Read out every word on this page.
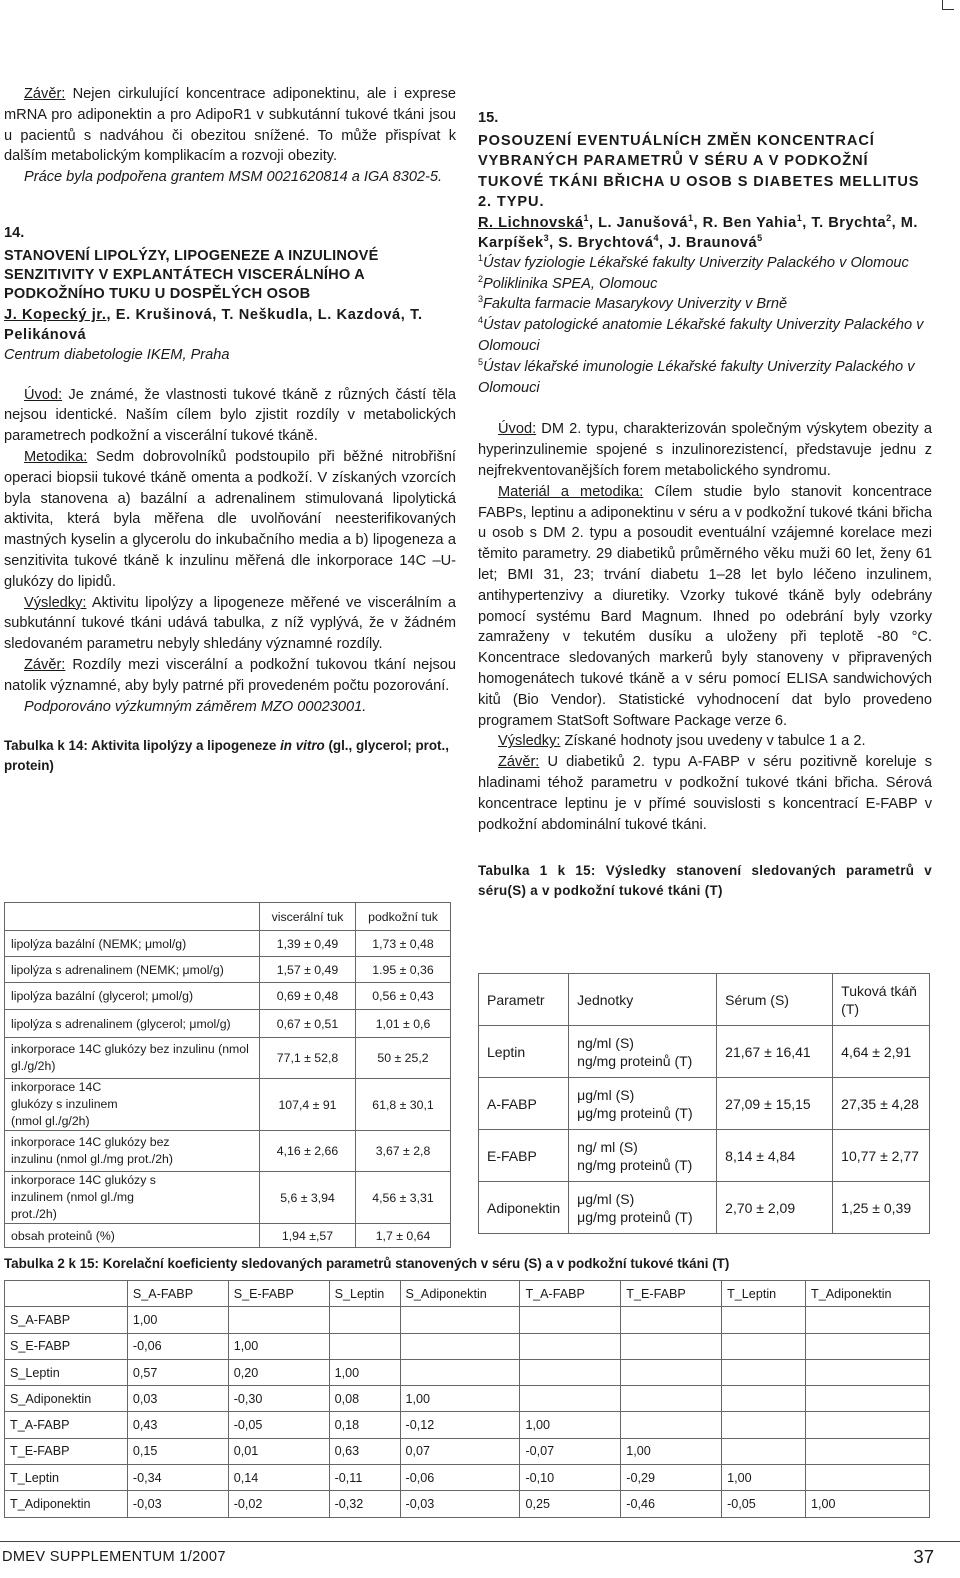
Závěr: Nejen cirkulující koncentrace adiponektinu, ale i exprese mRNA pro adiponektin a pro AdipoR1 v subkutánní tukové tkáni jsou u pacientů s nadváhou či obezitou snížené. To může přispívat k dalším metabolickým komplikacím a rozvoji obezity.

Práce byla podpořena grantem MSM 0021620814 a IGA 8302-5.

14.

STANOVENÍ LIPOLÝZY, LIPOGENEZE A INZULINOVÉ SENZITIVITY V EXPLANTÁTECH VISCERÁLNÍHO A PODKOŽNÍHO TUKU U DOSPĚLÝCH OSOB

J. Kopecký jr., E. Krušinová, T. Neškudla, L. Kazdová, T. Pelikánová

Centrum diabetologie IKEM, Praha

Úvod: Je známé, že vlastnosti tukové tkáně z různých částí těla nejsou identické. Naším cílem bylo zjistit rozdíly v metabolických parametrech podkožní a viscerální tukové tkáně.

Metodika: Sedm dobrovolníků podstoupilo při běžné nitrobřišní operaci biopsii tukové tkáně omenta a podkoží. V získaných vzorcích byla stanovena a) bazální a adrenalinem stimulovaná lipolytická aktivita, která byla měřena dle uvolňování neesterifikovaných mastných kyselin a glycerolu do inkubačního media a b) lipogeneza a senzitivita tukové tkáně k inzulinu měřená dle inkorporace 14C –U-glukózy do lipidů.

Výsledky: Aktivitu lipolýzy a lipogeneze měřené ve viscerálním a subkutánní tukové tkáni udává tabulka, z níž vyplývá, že v žádném sledovaném parametru nebyly shledány významné rozdíly.

Závěr: Rozdíly mezi viscerální a podkožní tukovou tkání nejsou natolik významné, aby byly patrné při provedeném počtu pozorování.

Podporováno výzkumným záměrem MZO 00023001.

Tabulka k 14: Aktivita lipolýzy a lipogeneze in vitro (gl., glycerol; prot., protein)

	viscerální tuk	podkožní tuk
lipolýza bazální (NEMK; μmol/g)	1,39 ± 0,49	1,73 ± 0,48
lipolýza s adrenalinem (NEMK; μmol/g)	1,57 ± 0,49	1.95 ± 0,36
lipolýza bazální (glycerol; μmol/g)	0,69 ± 0,48	0,56 ± 0,43
lipolýza s adrenalinem (glycerol; μmol/g)	0,67 ± 0,51	1,01 ± 0,6
inkorporace 14C glukózy bez inzulinu (nmol gl./g/2h)	77,1 ± 52,8	50 ± 25,2
inkorporace 14C glukózy s inzulinem (nmol gl./g/2h)	107,4 ± 91	61,8 ± 30,1
inkorporace 14C glukózy bez inzulinu (nmol gl./mg prot./2h)	4,16 ± 2,66	3,67 ± 2,8
inkorporace 14C glukózy s inzulinem (nmol gl./mg prot./2h)	5,6 ± 3,94	4,56 ± 3,31
obsah proteinů (%)	1,94 ±,57	1,7 ± 0,64

15.

POSOUZENÍ EVENTUÁLNÍCH ZMĚN KONCENTRACÍ VYBRANÝCH PARAMETRŮ V SÉRU A V PODKOŽNÍ TUKOVÉ TKÁNI BŘICHA U OSOB S DIABETES MELLITUS 2. TYPU.

R. Lichnovská$^1$, L. Janušová$^1$, R. Ben Yahia$^1$, T. Brychta$^2$, M. Karpíšek$^3$, S. Brychtová$^4$, J. Braunová$^5$

$^1$Ústav fyziologie Lékařské fakulty Univerzity Palackého v Olomouc

$^2$Poliklinika SPEA, Olomouc

$^3$Fakulta farmacie Masarykovy Univerzity v Brně

$^4$Ústav patologické anatomie Lékařské fakulty Univerzity Palackého v Olomouci

$^5$Ústav lékařské imunologie Lékařské fakulty Univerzity Palackého v Olomouci

Úvod: DM 2. typu, charakterizován společným výskytem obezity a hyperinzulinemie spojené s inzulinorezistencí, představuje jednu z nejfrekventovanějších forem metabolického syndromu.

Materiál a metodika: Cílem studie bylo stanovit koncentrace FABPs, leptinu a adiponektinu v séru a v podkožní tukové tkáni břicha u osob s DM 2. typu a posoudit eventuální vzájemné korelace mezi těmito parametry. 29 diabetiků průměrného věku muži 60 let, ženy 61 let; BMI 31, 23; trvání diabetu 1–28 let bylo léčeno inzulinem, antihypertenzivy a diuretiky. Vzorky tukové tkáně byly odebrány pomocí systému Bard Magnum. Ihned po odebrání byly vzorky zamraženy v tekutém dusíku a uloženy při teplotě -80 °C. Koncentrace sledovaných markerů byly stanoveny v připravených homogenátech tukové tkáně a v séru pomocí ELISA sandwichových kitů (Bio Vendor). Statistické vyhodnocení dat bylo provedeno programem StatSoft Software Package verze 6.

Výsledky: Získané hodnoty jsou uvedeny v tabulce 1 a 2.

Závěr: U diabetiků 2. typu A-FABP v séru pozitivně koreluje s hladinami téhož parametru v podkožní tukové tkáni břicha. Sérová koncentrace leptinu je v přímé souvislosti s koncentrací E-FABP v podkožní abdominální tukové tkáni.

Tabulka 1 k 15: Výsledky stanovení sledovaných parametrů v séru(S) a v podkožní tukové tkáni (T)

Parametr	Jednotky	Sérum (S)	Tuková tkáň (T)
Leptin	ng/ml (S)
ng/mg proteinů (T)	21,67 ± 16,41	4,64 ± 2,91
A-FABP	μg/ml (S)
μg/mg proteinů (T)	27,09 ± 15,15	27,35 ± 4,28
E-FABP	ng/ ml (S)
ng/mg proteinů (T)	8,14 ± 4,84	10,77 ± 2,77
Adiponektin	μg/ml (S)
μg/mg proteinů (T)	2,70 ± 2,09	1,25 ± 0,39

Tabulka 2 k 15: Korelační koeficienty sledovaných parametrů stanovených v séru (S) a v podkožní tukové tkáni (T)

	S_A-FABP	S_E-FABP	S_Leptin	S_Adiponektin	T_A-FABP	T_E-FABP	T_Leptin	T_Adiponektin
S_A-FABP	1,00							
S_E-FABP	-0,06	1,00						
S_Leptin	0,57	0,20	1,00					
S_Adiponektin	0,03	-0,30	0,08	1,00				
T_A-FABP	0,43	-0,05	0,18	-0,12	1,00			
T_E-FABP	0,15	0,01	0,63	0,07	-0,07	1,00		
T_Leptin	-0,34	0,14	-0,11	-0,06	-0,10	-0,29	1,00	
T_Adiponektin	-0,03	-0,02	-0,32	-0,03	0,25	-0,46	-0,05	1,00
DMEV SUPPLEMENTUM 1/2007	37
